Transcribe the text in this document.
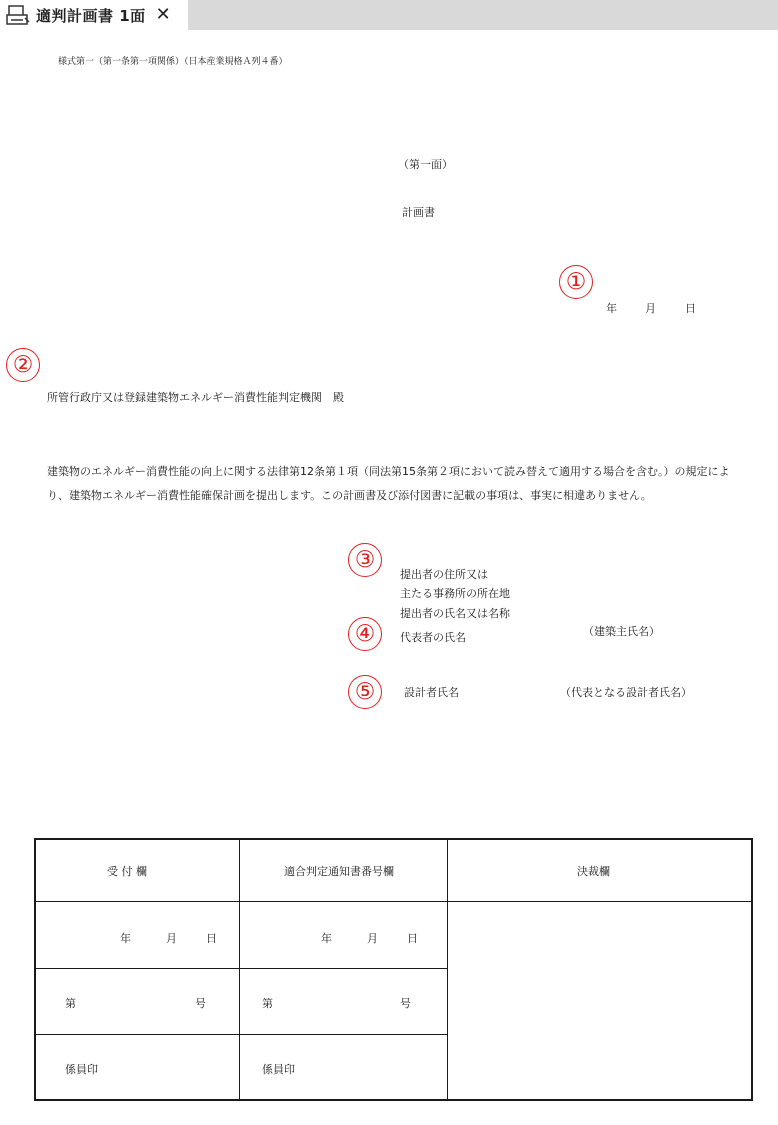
適判計画書 1面 ✕
様式第一（第一条第一項関係）（日本産業規格Ａ列４番）
（第一面）
計画書
年	月	日
所管行政庁又は登録建築物エネルギー消費性能判定機関　殿
建築物のエネルギー消費性能の向上に関する法律第12条第１項（同法第15条第２項において読み替えて適用する場合を含む。）の規定により、建築物エネルギー消費性能確保計画を提出します。この計画書及び添付図書に記載の事項は、事実に相違ありません。
提出者の住所又は
主たる事務所の所在地
提出者の氏名又は名称
代表者の氏名	（建築主氏名）
設計者氏名	（代表となる設計者氏名）
①
②
③
④
⑤
受 付 欄	適合判定通知書番号欄	決裁欄
年	月	日	年	月	日
第	号	第	号
係員印	係員印
